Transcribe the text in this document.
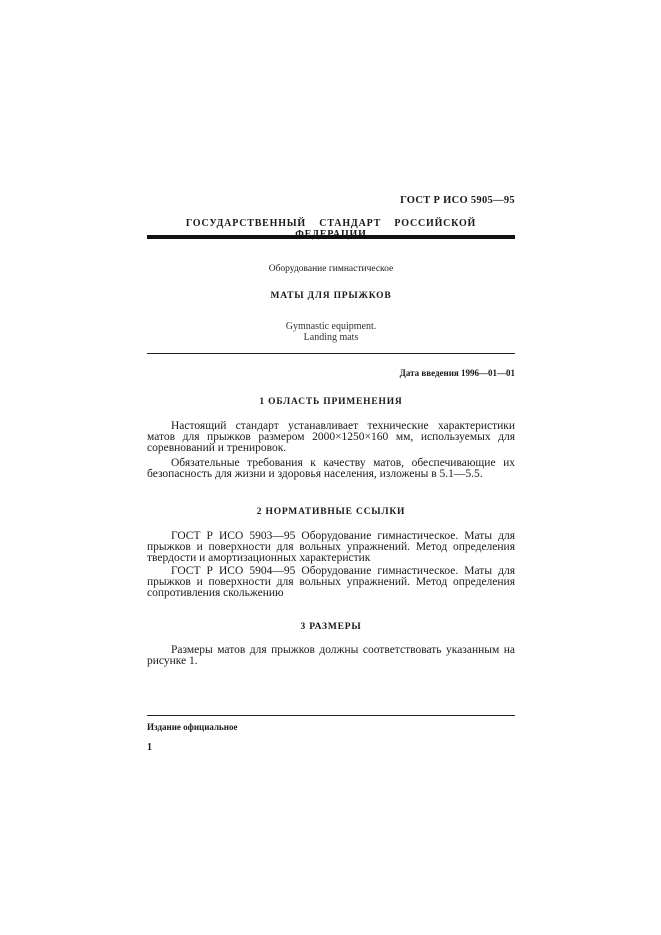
ГОСТ Р ИСО 5905—95
ГОСУДАРСТВЕННЫЙ СТАНДАРТ РОССИЙСКОЙ
Оборудование гимнастическое
МАТЫ ДЛЯ ПРЫЖКОВ
Gymnastic equipment.
Landing mats
Дата введения 1996—01—01
1 ОБЛАСТЬ ПРИМЕНЕНИЯ
Настоящий стандарт устанавливает технические характеристики матов для прыжков размером 2000×1250×160 мм, используемых для соревнований и тренировок.
Обязательные требования к качеству матов, обеспечивающие их безопасность для жизни и здоровья населения, изложены в 5.1—5.5.
2 НОРМАТИВНЫЕ ССЫЛКИ
ГОСТ Р ИСО 5903—95 Оборудование гимнастическое. Маты для прыжков и поверхности для вольных упражнений. Метод определения твердости и амортизационных характеристик
ГОСТ Р ИСО 5904—95 Оборудование гимнастическое. Маты для прыжков и поверхности для вольных упражнений. Метод определения сопротивления скольжению
3 РАЗМЕРЫ
Размеры матов для прыжков должны соответствовать указанным на рисунке 1.
Издание официальное
1
